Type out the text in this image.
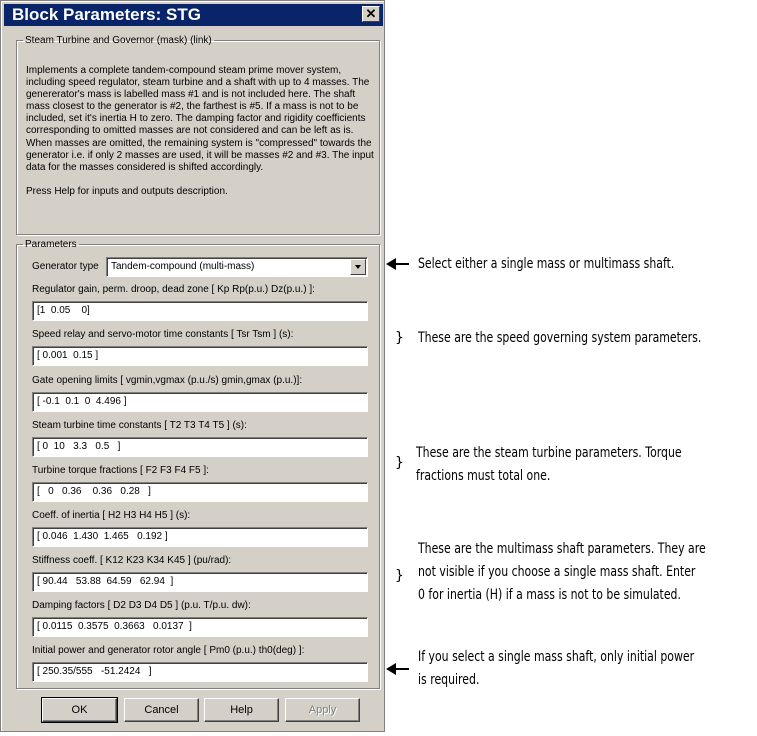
Block Parameters: STG	✕
Steam Turbine and Governor (mask) (link)
Implements a complete tandem-compound steam prime mover system, including speed regulator, steam turbine and a shaft with up to 4 masses. The genererator's mass is labelled mass #1 and is not included here. The shaft mass closest to the generator is #2, the farthest is #5. If a mass is not to be included, set it's inertia H to zero. The damping factor and rigidity coefficients corresponding to omitted masses are not considered and can be left as is. When masses are omitted, the remaining system is "compressed" towards the generator i.e. if only 2 masses are used, it will be masses #2 and #3. The input data for the masses considered is shifted accordingly.
Press Help for inputs and outputs description.
Parameters
Generator type Tandem-compound (multi-mass)
Regulator gain, perm. droop, dead zone [ Kp Rp(p.u.) Dz(p.u.) ]:
[1  0.05    0]
Speed relay and servo-motor time constants [ Tsr Tsm ] (s):
[ 0.001  0.15 ]
Gate opening limits [ vgmin,vgmax (p.u./s) gmin,gmax (p.u.)]:
[ -0.1  0.1  0  4.496 ]
Steam turbine time constants [ T2 T3 T4 T5 ] (s):
[ 0  10   3.3   0.5   ]
Turbine torque fractions [ F2 F3 F4 F5 ]:
[   0   0.36    0.36   0.28   ]
Coeff. of inertia [ H2 H3 H4 H5 ] (s):
[ 0.046  1.430  1.465   0.192 ]
Stiffness coeff. [ K12 K23 K34 K45 ] (pu/rad):
[ 90.44   53.88  64.59   62.94  ]
Damping factors [ D2 D3 D4 D5 ] (p.u. T/p.u. dw):
[ 0.0115  0.3575  0.3663   0.0137  ]
Initial power and generator rotor angle [ Pm0 (p.u.) th0(deg) ]:
[ 250.35/555   -51.2424   ]
OK	Cancel	Help	Apply
Select either a single mass or multimass shaft.
} These are the speed governing system parameters.
}
These are the steam turbine parameters. Torque
fractions must total one.
}
These are the multimass shaft parameters. They are
not visible if you choose a single mass shaft. Enter
0 for inertia (H) if a mass is not to be simulated.
If you select a single mass shaft, only initial power
is required.
